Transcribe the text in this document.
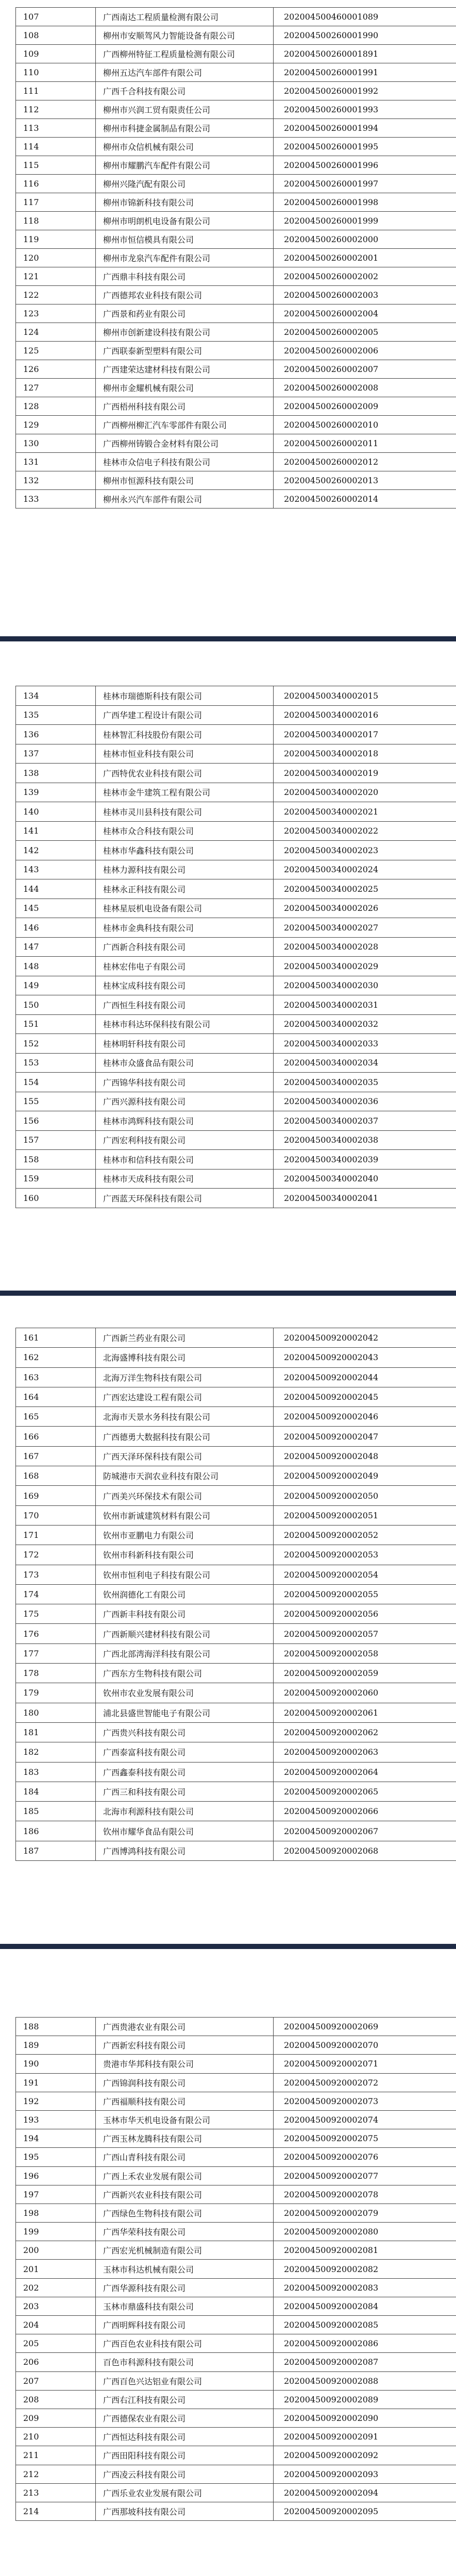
107	广西南达工程质量检测有限公司	202004500460001089
108	柳州市安顺驾风力智能设备有限公司	202004500260001990
109	广西柳州特征工程质量检测有限公司	202004500260001891
110	柳州五达汽车部件有限公司	202004500260001991
111	广西千合科技有限公司	202004500260001992
112	柳州市兴润工贸有限责任公司	202004500260001993
113	柳州市科捷金属制品有限公司	202004500260001994
114	柳州市众信机械有限公司	202004500260001995
115	柳州市耀鹏汽车配件有限公司	202004500260001996
116	柳州兴隆汽配有限公司	202004500260001997
117	柳州市锦新科技有限公司	202004500260001998
118	柳州市明朗机电设备有限公司	202004500260001999
119	柳州市恒信模具有限公司	202004500260002000
120	柳州市龙泉汽车配件有限公司	202004500260002001
121	广西鼎丰科技有限公司	202004500260002002
122	广西德邦农业科技有限公司	202004500260002003
123	广西景和药业有限公司	202004500260002004
124	柳州市创新建设科技有限公司	202004500260002005
125	广西联泰新型塑料有限公司	202004500260002006
126	广西建荣达建材科技有限公司	202004500260002007
127	柳州市金耀机械有限公司	202004500260002008
128	广西梧州科技有限公司	202004500260002009
129	广西柳州柳汇汽车零部件有限公司	202004500260002010
130	广西柳州铸锻合金材料有限公司	202004500260002011
131	桂林市众信电子科技有限公司	202004500260002012
132	柳州市恒源科技有限公司	202004500260002013
133	柳州永兴汽车部件有限公司	202004500260002014
134	桂林市瑞德斯科技有限公司	202004500340002015
135	广西华建工程设计有限公司	202004500340002016
136	桂林智汇科技股份有限公司	202004500340002017
137	桂林市恒业科技有限公司	202004500340002018
138	广西特优农业科技有限公司	202004500340002019
139	桂林市金牛建筑工程有限公司	202004500340002020
140	桂林市灵川县科技有限公司	202004500340002021
141	桂林市众合科技有限公司	202004500340002022
142	桂林市华鑫科技有限公司	202004500340002023
143	桂林力源科技有限公司	202004500340002024
144	桂林永正科技有限公司	202004500340002025
145	桂林星辰机电设备有限公司	202004500340002026
146	桂林市金典科技有限公司	202004500340002027
147	广西新合科技有限公司	202004500340002028
148	桂林宏伟电子有限公司	202004500340002029
149	桂林宝成科技有限公司	202004500340002030
150	广西恒生科技有限公司	202004500340002031
151	桂林市科达环保科技有限公司	202004500340002032
152	桂林明轩科技有限公司	202004500340002033
153	桂林市众盛食品有限公司	202004500340002034
154	广西锦华科技有限公司	202004500340002035
155	广西兴源科技有限公司	202004500340002036
156	桂林市鸿辉科技有限公司	202004500340002037
157	广西宏利科技有限公司	202004500340002038
158	桂林市和信科技有限公司	202004500340002039
159	桂林市天成科技有限公司	202004500340002040
160	广西蓝天环保科技有限公司	202004500340002041
161	广西新兰药业有限公司	202004500920002042
162	北海盛博科技有限公司	202004500920002043
163	北海万洋生物科技有限公司	202004500920002044
164	广西宏达建设工程有限公司	202004500920002045
165	北海市天景水务科技有限公司	202004500920002046
166	广西德勇大数据科技有限公司	202004500920002047
167	广西天泽环保科技有限公司	202004500920002048
168	防城港市天润农业科技有限公司	202004500920002049
169	广西美兴环保技术有限公司	202004500920002050
170	钦州市新诚建筑材料有限公司	202004500920002051
171	钦州市亚鹏电力有限公司	202004500920002052
172	钦州市科新科技有限公司	202004500920002053
173	钦州市恒利电子科技有限公司	202004500920002054
174	钦州润德化工有限公司	202004500920002055
175	广西新丰科技有限公司	202004500920002056
176	广西新顺兴建材科技有限公司	202004500920002057
177	广西北部湾海洋科技有限公司	202004500920002058
178	广西东方生物科技有限公司	202004500920002059
179	钦州市农业发展有限公司	202004500920002060
180	浦北县盛世智能电子有限公司	202004500920002061
181	广西贵兴科技有限公司	202004500920002062
182	广西泰富科技有限公司	202004500920002063
183	广西鑫泰科技有限公司	202004500920002064
184	广西三和科技有限公司	202004500920002065
185	北海市利源科技有限公司	202004500920002066
186	钦州市耀华食品有限公司	202004500920002067
187	广西博鸿科技有限公司	202004500920002068
188	广西贵港农业有限公司	202004500920002069
189	广西新宏科技有限公司	202004500920002070
190	贵港市华邦科技有限公司	202004500920002071
191	广西锦润科技有限公司	202004500920002072
192	广西福顺科技有限公司	202004500920002073
193	玉林市华天机电设备有限公司	202004500920002074
194	广西玉林龙腾科技有限公司	202004500920002075
195	广西山青科技有限公司	202004500920002076
196	广西上禾农业发展有限公司	202004500920002077
197	广西新兴农业科技有限公司	202004500920002078
198	广西绿色生物科技有限公司	202004500920002079
199	广西华荣科技有限公司	202004500920002080
200	广西宏光机械制造有限公司	202004500920002081
201	玉林市科达机械有限公司	202004500920002082
202	广西华源科技有限公司	202004500920002083
203	玉林市鼎盛科技有限公司	202004500920002084
204	广西明辉科技有限公司	202004500920002085
205	广西百色农业科技有限公司	202004500920002086
206	百色市科源科技有限公司	202004500920002087
207	广西百色兴达铝业有限公司	202004500920002088
208	广西右江科技有限公司	202004500920002089
209	广西德保农业有限公司	202004500920002090
210	广西恒达科技有限公司	202004500920002091
211	广西田阳科技有限公司	202004500920002092
212	广西凌云科技有限公司	202004500920002093
213	广西乐业农业发展有限公司	202004500920002094
214	广西那坡科技有限公司	202004500920002095
